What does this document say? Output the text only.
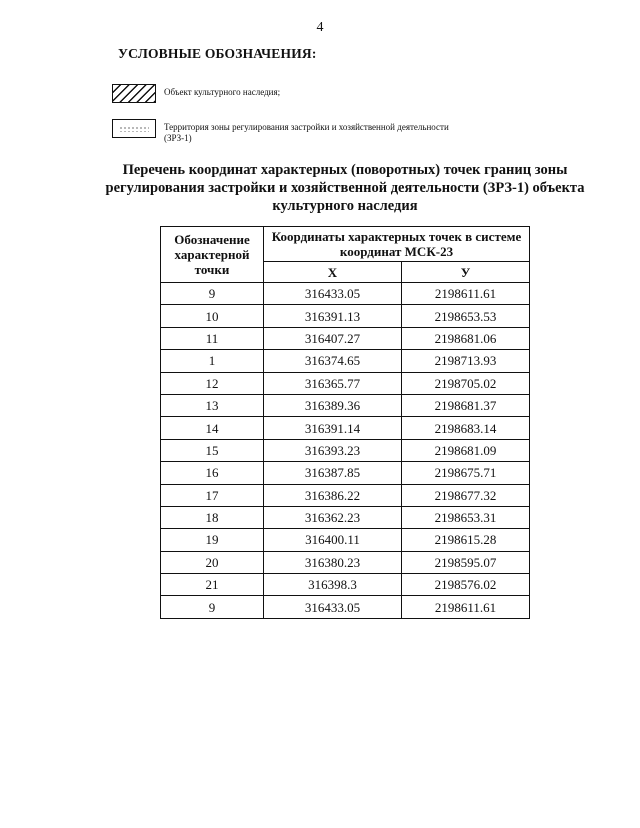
4
УСЛОВНЫЕ ОБОЗНАЧЕНИЯ:
Объект культурного наследия;
Территория зоны регулирования застройки и хозяйственной деятельности (ЗРЗ-1)
Перечень координат характерных (поворотных) точек границ зоны регулирования застройки и хозяйственной деятельности (ЗРЗ-1) объекта культурного наследия
Обозначение характерной точки	Координаты характерных точек в системе координат МСК-23	
	Х	У
9	316433.05	2198611.61
10	316391.13	2198653.53
11	316407.27	2198681.06
1	316374.65	2198713.93
12	316365.77	2198705.02
13	316389.36	2198681.37
14	316391.14	2198683.14
15	316393.23	2198681.09
16	316387.85	2198675.71
17	316386.22	2198677.32
18	316362.23	2198653.31
19	316400.11	2198615.28
20	316380.23	2198595.07
21	316398.3	2198576.02
9	316433.05	2198611.61
